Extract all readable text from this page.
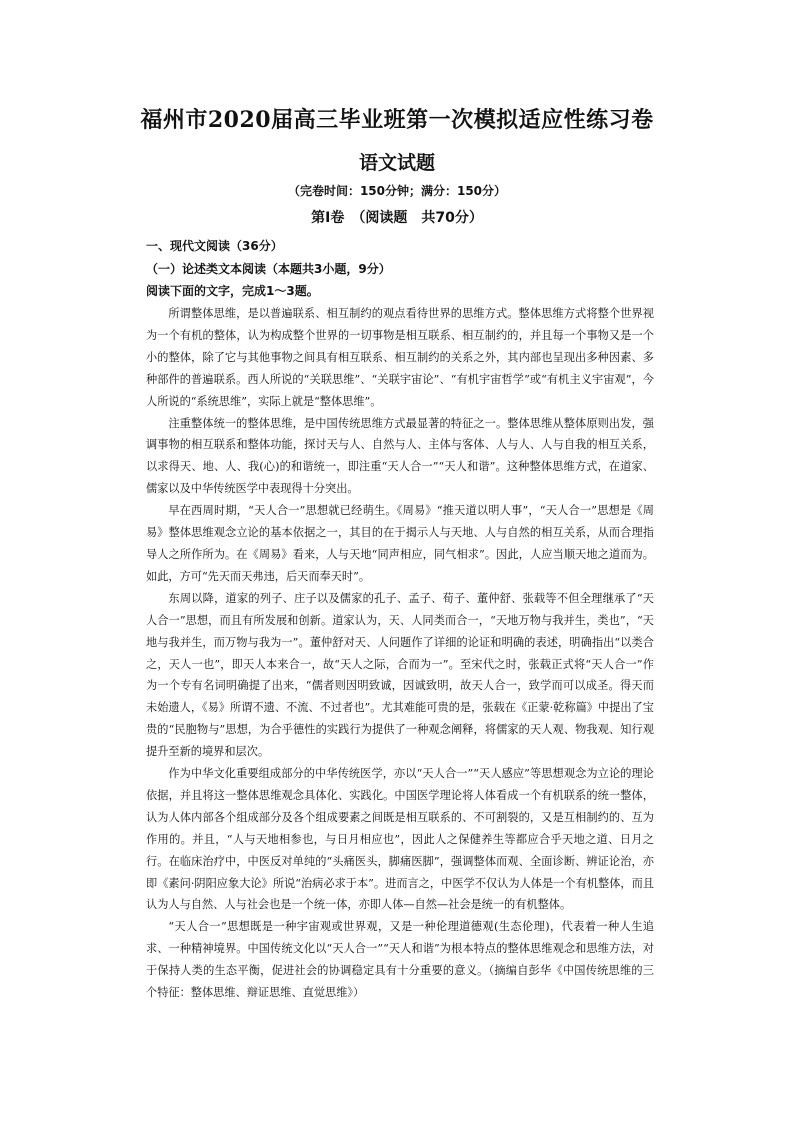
福州市2020届高三毕业班第一次模拟适应性练习卷
语文试题
（完卷时间：150分钟；满分：150分）
第Ⅰ卷　（阅读题　共70分）
一、现代文阅读（36分）
（一）论述类文本阅读（本题共3小题，9分）
阅读下面的文字，完成1～3题。

所谓整体思维，是以普遍联系、相互制约的观点看待世界的思维方式。整体思维方式将整个世界视为一个有机的整体，认为构成整个世界的一切事物是相互联系、相互制约的，并且每一个事物又是一个小的整体，除了它与其他事物之间具有相互联系、相互制约的关系之外，其内部也呈现出多种因素、多种部件的普遍联系。西人所说的“关联思维”、“关联宇宙论”、“有机宇宙哲学”或“有机主义宇宙观”，今人所说的“系统思维”，实际上就是“整体思维”。

注重整体统一的整体思维，是中国传统思维方式最显著的特征之一。整体思维从整体原则出发，强调事物的相互联系和整体功能，探讨天与人、自然与人、主体与客体、人与人、人与自我的相互关系，以求得天、地、人、我(心)的和谐统一，即注重“天人合一”“天人和谐”。这种整体思维方式，在道家、儒家以及中华传统医学中表现得十分突出。

早在西周时期，“天人合一”思想就已经萌生。《周易》“推天道以明人事”，“天人合一”思想是《周易》整体思维观念立论的基本依据之一，其目的在于揭示人与天地、人与自然的相互关系，从而合理指导人之所作所为。在《周易》看来，人与天地“同声相应，同气相求”。因此，人应当顺天地之道而为。如此，方可“先天而天弗违，后天而奉天时”。

东周以降，道家的列子、庄子以及儒家的孔子、孟子、荀子、董仲舒、张载等不但全理继承了“天人合一”思想，而且有所发展和创新。道家认为，天、人同类而合一，“天地万物与我并生，类也”，“天地与我并生，而万物与我为一”。董仲舒对天、人问题作了详细的论证和明确的表述，明确指出“以类合之，天人一也”，即天人本来合一，故“天人之际，合而为一”。至宋代之时，张载正式将“天人合一”作为一个专有名词明确提了出来，“儒者则因明致诚，因诚致明，故天人合一，致学而可以成圣。得天而未始遗人，《易》所谓不遗、不流、不过者也”。尤其难能可贵的是，张载在《正蒙·乾称篇》中提出了宝贵的“民胞物与”思想，为合乎德性的实践行为提供了一种观念阐释，将儒家的天人观、物我观、知行观提升至新的境界和层次。

作为中华文化重要组成部分的中华传统医学，亦以“天人合一”“天人感应”等思想观念为立论的理论依据，并且将这一整体思维观念具体化、实践化。中国医学理论将人体看成一个有机联系的统一整体，认为人体内部各个组成部分及各个组成要素之间既是相互联系的、不可割裂的，又是互相制约的、互为作用的。并且，“人与天地相参也，与日月相应也”，因此人之保健养生等都应合乎天地之道、日月之行。在临床治疗中，中医反对单纯的“头痛医头，脚痛医脚”，强调整体而观、全面诊断、辨证论治，亦即《素问·阴阳应象大论》所说“治病必求于本”。进而言之，中医学不仅认为人体是一个有机整体，而且认为人与自然、人与社会也是一个统一体，亦即人体—自然—社会是统一的有机整体。

“天人合一”思想既是一种宇宙观或世界观，又是一种伦理道德观(生态伦理)，代表着一种人生追求、一种精神境界。中国传统文化以“天人合一”“天人和谐”为根本特点的整体思维观念和思维方法，对于保持人类的生态平衡，促进社会的协调稳定具有十分重要的意义。（摘编自彭华《中国传统思维的三个特征：整体思维、辩证思维、直觉思维》）
